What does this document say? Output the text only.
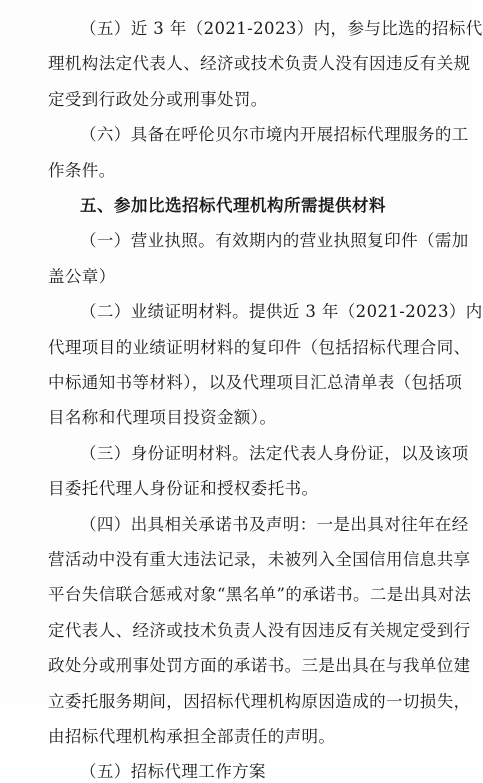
（五）近 3 年（2021-2023）内，参与比选的招标代
理机构法定代表人、经济或技术负责人没有因违反有关规
定受到行政处分或刑事处罚。
（六）具备在呼伦贝尔市境内开展招标代理服务的工
作条件。
五、参加比选招标代理机构所需提供材料
（一）营业执照。有效期内的营业执照复印件（需加
盖公章）
（二）业绩证明材料。提供近 3 年（2021-2023）内
代理项目的业绩证明材料的复印件（包括招标代理合同、
中标通知书等材料），以及代理项目汇总清单表（包括项
目名称和代理项目投资金额）。
（三）身份证明材料。法定代表人身份证，以及该项
目委托代理人身份证和授权委托书。
（四）出具相关承诺书及声明：一是出具对往年在经
营活动中没有重大违法记录，未被列入全国信用信息共享
平台失信联合惩戒对象“黑名单”的承诺书。二是出具对法
定代表人、经济或技术负责人没有因违反有关规定受到行
政处分或刑事处罚方面的承诺书。三是出具在与我单位建
立委托服务期间，因招标代理机构原因造成的一切损失，
由招标代理机构承担全部责任的声明。
（五）招标代理工作方案
